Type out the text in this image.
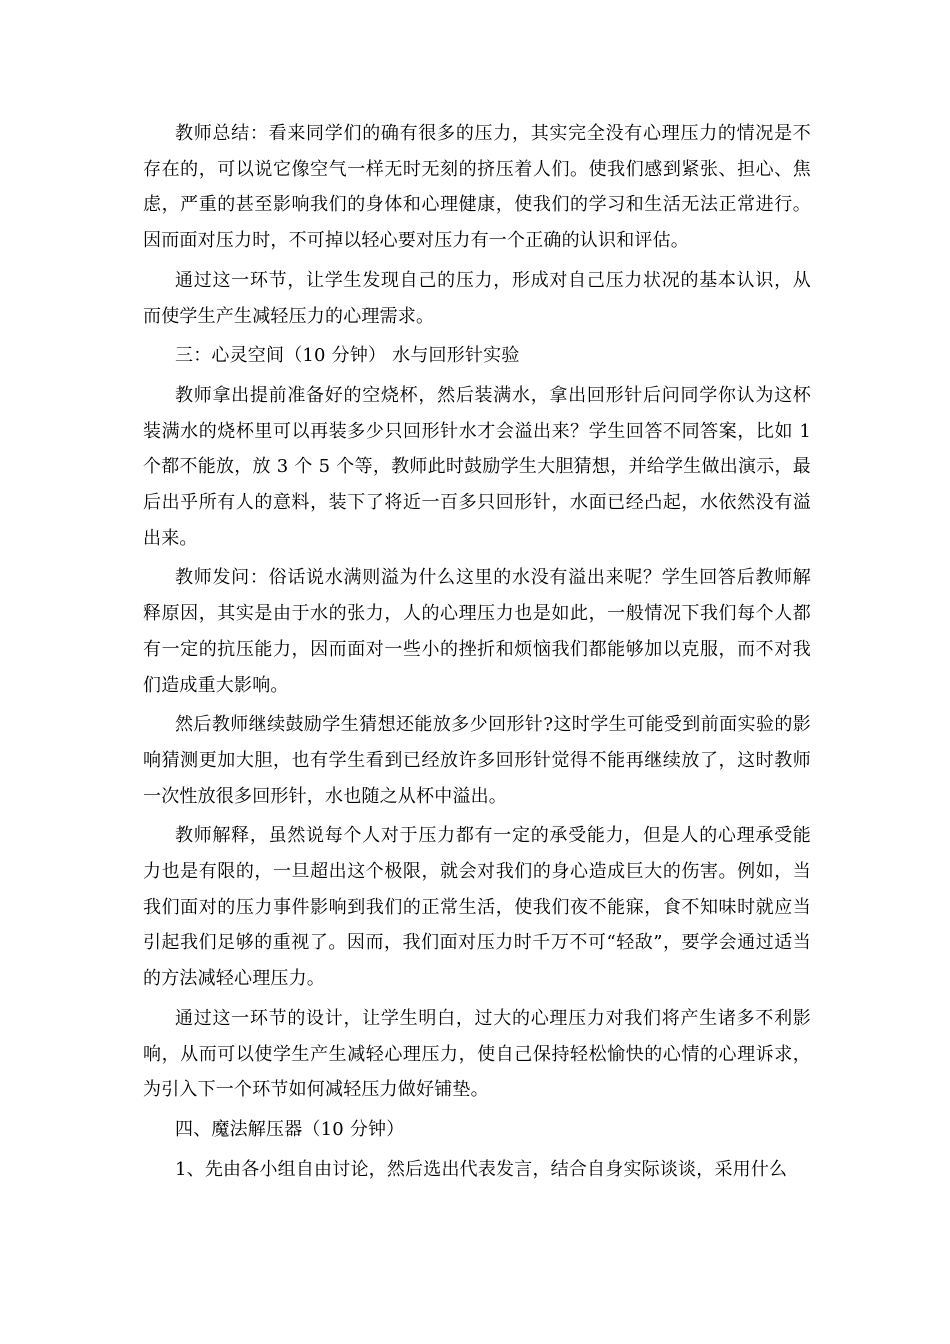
教师总结：看来同学们的确有很多的压力，其实完全没有心理压力的情况是不存在的，可以说它像空气一样无时无刻的挤压着人们。使我们感到紧张、担心、焦虑，严重的甚至影响我们的身体和心理健康，使我们的学习和生活无法正常进行。因而面对压力时，不可掉以轻心要对压力有一个正确的认识和评估。

通过这一环节，让学生发现自己的压力，形成对自己压力状况的基本认识，从而使学生产生减轻压力的心理需求。

三：心灵空间（10 分钟） 水与回形针实验

教师拿出提前准备好的空烧杯，然后装满水，拿出回形针后问同学你认为这杯装满水的烧杯里可以再装多少只回形针水才会溢出来？学生回答不同答案，比如 1 个都不能放，放 3 个 5 个等，教师此时鼓励学生大胆猜想，并给学生做出演示，最后出乎所有人的意料，装下了将近一百多只回形针，水面已经凸起，水依然没有溢出来。

教师发问：俗话说水满则溢为什么这里的水没有溢出来呢？学生回答后教师解释原因，其实是由于水的张力，人的心理压力也是如此，一般情况下我们每个人都有一定的抗压能力，因而面对一些小的挫折和烦恼我们都能够加以克服，而不对我们造成重大影响。

然后教师继续鼓励学生猜想还能放多少回形针?这时学生可能受到前面实验的影响猜测更加大胆，也有学生看到已经放许多回形针觉得不能再继续放了，这时教师一次性放很多回形针，水也随之从杯中溢出。

教师解释，虽然说每个人对于压力都有一定的承受能力，但是人的心理承受能力也是有限的，一旦超出这个极限，就会对我们的身心造成巨大的伤害。例如，当我们面对的压力事件影响到我们的正常生活，使我们夜不能寐，食不知味时就应当引起我们足够的重视了。因而，我们面对压力时千万不可“轻敌”，要学会通过适当的方法减轻心理压力。

通过这一环节的设计，让学生明白，过大的心理压力对我们将产生诸多不利影响，从而可以使学生产生减轻心理压力，使自己保持轻松愉快的心情的心理诉求，为引入下一个环节如何减轻压力做好铺垫。

四、魔法解压器（10 分钟）

1、先由各小组自由讨论，然后选出代表发言，结合自身实际谈谈，采用什么
